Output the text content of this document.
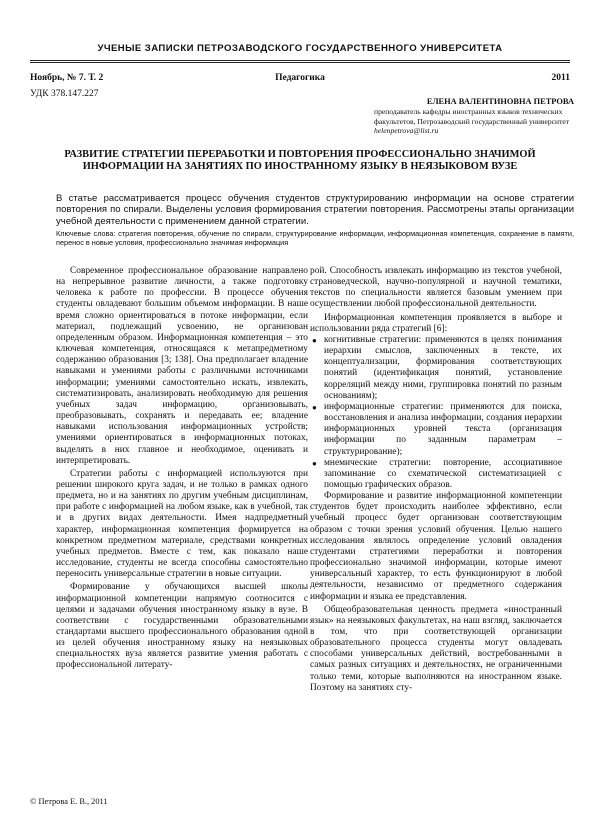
УЧЕНЫЕ ЗАПИСКИ ПЕТРОЗАВОДСКОГО ГОСУДАРСТВЕННОГО УНИВЕРСИТЕТА
Педагогика
Ноябрь, № 7. Т. 2	2011
УДК 378.147.227
ЕЛЕНА ВАЛЕНТИНОВНА ПЕТРОВА
преподаватель кафедры иностранных языков технических факультетов, Петрозаводский государственный университет
helenpetrova@list.ru
РАЗВИТИЕ СТРАТЕГИИ ПЕРЕРАБОТКИ И ПОВТОРЕНИЯ ПРОФЕССИОНАЛЬНО ЗНАЧИМОЙ ИНФОРМАЦИИ НА ЗАНЯТИЯХ ПО ИНОСТРАННОМУ ЯЗЫКУ В НЕЯЗЫКОВОМ ВУЗЕ
В статье рассматривается процесс обучения студентов структурированию информации на основе стратегии повторения по спирали. Выделены условия формирования стратегии повторения. Рассмотрены этапы организации учебной деятельности с применением данной стратегии.
Ключевые слова: стратегия повторения, обучение по спирали, структурирование информации, информационная компетенция, сохранение в памяти, перенос в новые условия, профессионально значимая информация

Современное профессиональное образование направлено на непрерывное развитие личности, а также подготовку человека к работе по профессии. В процессе обучения студенты овладевают большим объемом информации. В наше время сложно ориентироваться в потоке информации, если материал, подлежащий усвоению, не организован определенным образом. Информационная компетенция – это ключевая компетенция, относящаяся к метапредметному содержанию образования [3; 138]. Она предполагает владение навыками и умениями работы с различными источниками информации; умениями самостоятельно искать, извлекать, систематизировать, анализировать необходимую для решения учебных задач информацию, организовывать, преобразовывать, сохранять и передавать ее; владение навыками использования информационных устройств; умениями ориентироваться в информационных потоках, выделять в них главное и необходимое, оценивать и интерпретировать.

Стратегии работы с информацией используются при решении широкого круга задач, и не только в рамках одного предмета, но и на занятиях по другим учебным дисциплинам, при работе с информацией на любом языке, как в учебной, так и в других видах деятельности. Имея надпредметный характер, информационная компетенция формируется на конкретном предметном материале, средствами конкретных учебных предметов. Вместе с тем, как показало наше исследование, студенты не всегда способны самостоятельно переносить универсальные стратегии в новые ситуации.

Формирование у обучающихся высшей школы информационной компетенции напрямую соотносится с целями и задачами обучения иностранному языку в вузе. В соответствии с государственными образовательными стандартами высшего профессионального образования одной из целей обучения иностранному языку на неязыковых специальностях вуза является развитие умения работать с профессиональной литерату-

рой. Способность извлекать информацию из текстов учебной, страноведческой, научно-популярной и научной тематики, текстов по специальности является базовым умением при осуществлении любой профессиональной деятельности.

Информационная компетенция проявляется в выборе и использовании ряда стратегий [6]:

● когнитивные стратегии: применяются в целях понимания иерархии смыслов, заключенных в тексте, их концептуализации, формирования соответствующих понятий (идентификация понятий, установление корреляций между ними, группировка понятий по разным основаниям);
● информационные стратегии: применяются для поиска, восстановления и анализа информации, создания иерархии информационных уровней текста (организация информации по заданным параметрам – структурирование);
● мнемические стратегии: повторение, ассоциативное запоминание со схематической систематизацией с помощью графических образов.

Формирование и развитие информационной компетенции студентов будет происходить наиболее эффективно, если учебный процесс будет организован соответствующим образом с точки зрения условий обучения. Целью нашего исследования являлось определение условий овладения студентами стратегиями переработки и повторения профессионально значимой информации, которые имеют универсальный характер, то есть функционируют в любой деятельности, независимо от предметного содержания информации и языка ее представления.

Общеобразовательная ценность предмета «иностранный язык» на неязыковых факультетах, на наш взгляд, заключается в том, что при соответствующей организации образовательного процесса студенты могут овладевать способами универсальных действий, востребованными в самых разных ситуациях и деятельностях, не ограниченными только теми, которые выполняются на иностранном языке. Поэтому на занятиях сту-

© Петрова Е. В., 2011
